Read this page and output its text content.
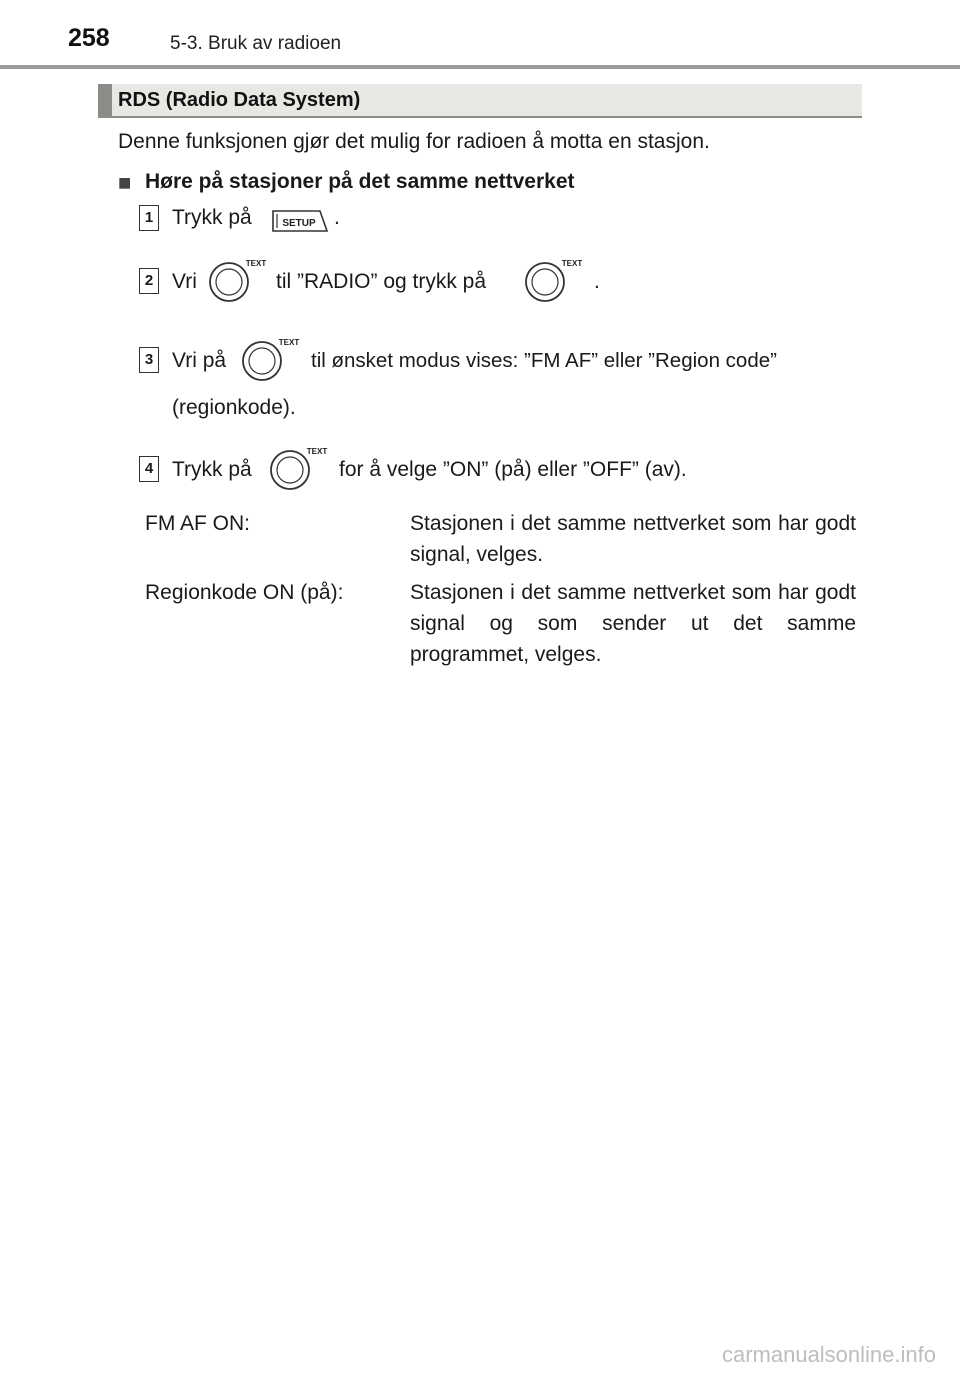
258	5-3. Bruk av radioen
RDS (Radio Data System)
Denne funksjonen gjør det mulig for radioen å motta en stasjon.
■ Høre på stasjoner på det samme nettverket
1 Trykk på	SETUP .
2 Vri
TEXT
til ”RADIO” og trykk på
TEXT
.
3 Vri på
TEXT
til ønsket modus vises: ”FM AF” eller ”Region code”
(regionkode).
4 Trykk på
TEXT
for å velge ”ON” (på) eller ”OFF” (av).
FM AF ON:	Stasjonen i det samme nettverket som har godt signal, velges.
Regionkode ON (på):	Stasjonen i det samme nettverket som har godt signal og som sender ut det samme programmet, velges.
carmanualsonline.info
